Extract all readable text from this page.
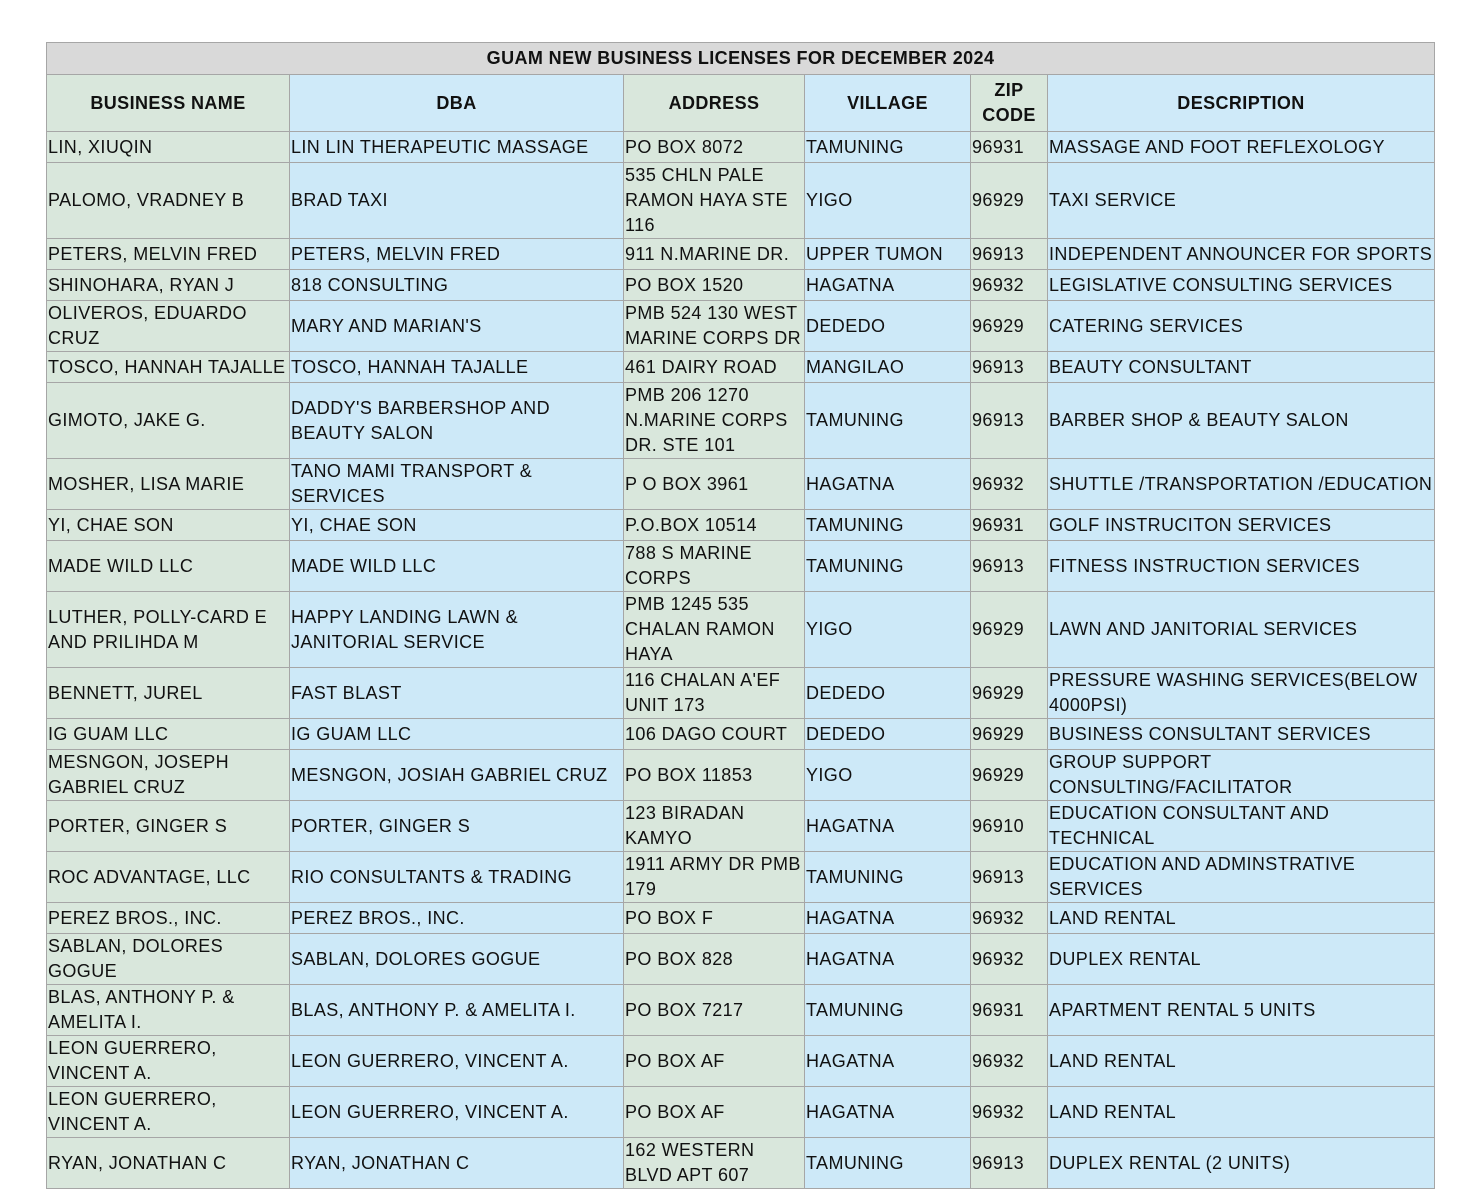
GUAM NEW BUSINESS LICENSES FOR DECEMBER 2024					
BUSINESS NAME	DBA	ADDRESS	VILLAGE	ZIP CODE	DESCRIPTION
LIN, XIUQIN	LIN LIN THERAPEUTIC MASSAGE	PO BOX 8072	TAMUNING	96931	MASSAGE AND FOOT REFLEXOLOGY
PALOMO, VRADNEY B	BRAD TAXI	535 CHLN PALE RAMON HAYA STE 116	YIGO	96929	TAXI SERVICE
PETERS, MELVIN FRED	PETERS, MELVIN FRED	911 N.MARINE DR.	UPPER TUMON	96913	INDEPENDENT ANNOUNCER FOR SPORTS
SHINOHARA, RYAN J	818 CONSULTING	PO BOX 1520	HAGATNA	96932	LEGISLATIVE CONSULTING SERVICES
OLIVEROS, EDUARDO CRUZ	MARY AND MARIAN'S	PMB 524 130 WEST MARINE CORPS DR	DEDEDO	96929	CATERING SERVICES
TOSCO, HANNAH TAJALLE	TOSCO, HANNAH TAJALLE	461 DAIRY ROAD	MANGILAO	96913	BEAUTY CONSULTANT
GIMOTO, JAKE G.	DADDY'S BARBERSHOP AND BEAUTY SALON	PMB 206 1270 N.MARINE CORPS DR. STE 101	TAMUNING	96913	BARBER SHOP & BEAUTY SALON
MOSHER, LISA MARIE	TANO MAMI TRANSPORT & SERVICES	P O BOX 3961	HAGATNA	96932	SHUTTLE /TRANSPORTATION /EDUCATION
YI, CHAE SON	YI, CHAE SON	P.O.BOX 10514	TAMUNING	96931	GOLF INSTRUCITON SERVICES
MADE WILD LLC	MADE WILD LLC	788 S MARINE CORPS	TAMUNING	96913	FITNESS INSTRUCTION SERVICES
LUTHER, POLLY-CARD E AND PRILIHDA M	HAPPY LANDING LAWN & JANITORIAL SERVICE	PMB 1245 535 CHALAN RAMON HAYA	YIGO	96929	LAWN AND JANITORIAL SERVICES
BENNETT, JUREL	FAST BLAST	116 CHALAN A'EF UNIT 173	DEDEDO	96929	PRESSURE WASHING SERVICES(BELOW 4000PSI)
IG GUAM LLC	IG GUAM LLC	106 DAGO COURT	DEDEDO	96929	BUSINESS CONSULTANT SERVICES
MESNGON, JOSEPH GABRIEL CRUZ	MESNGON, JOSIAH GABRIEL CRUZ	PO BOX 11853	YIGO	96929	GROUP SUPPORT CONSULTING/FACILITATOR
PORTER, GINGER S	PORTER, GINGER S	123 BIRADAN KAMYO	HAGATNA	96910	EDUCATION CONSULTANT AND TECHNICAL
ROC ADVANTAGE, LLC	RIO CONSULTANTS & TRADING	1911 ARMY DR PMB 179	TAMUNING	96913	EDUCATION AND ADMINSTRATIVE SERVICES
PEREZ BROS., INC.	PEREZ BROS., INC.	PO BOX F	HAGATNA	96932	LAND RENTAL
SABLAN, DOLORES GOGUE	SABLAN, DOLORES GOGUE	PO BOX 828	HAGATNA	96932	DUPLEX RENTAL
BLAS, ANTHONY P. & AMELITA I.	BLAS, ANTHONY P. & AMELITA I.	PO BOX 7217	TAMUNING	96931	APARTMENT RENTAL 5 UNITS
LEON GUERRERO, VINCENT A.	LEON GUERRERO, VINCENT A.	PO BOX AF	HAGATNA	96932	LAND RENTAL
LEON GUERRERO, VINCENT A.	LEON GUERRERO, VINCENT A.	PO BOX AF	HAGATNA	96932	LAND RENTAL
RYAN, JONATHAN C	RYAN, JONATHAN C	162 WESTERN BLVD APT 607	TAMUNING	96913	DUPLEX RENTAL (2 UNITS)
